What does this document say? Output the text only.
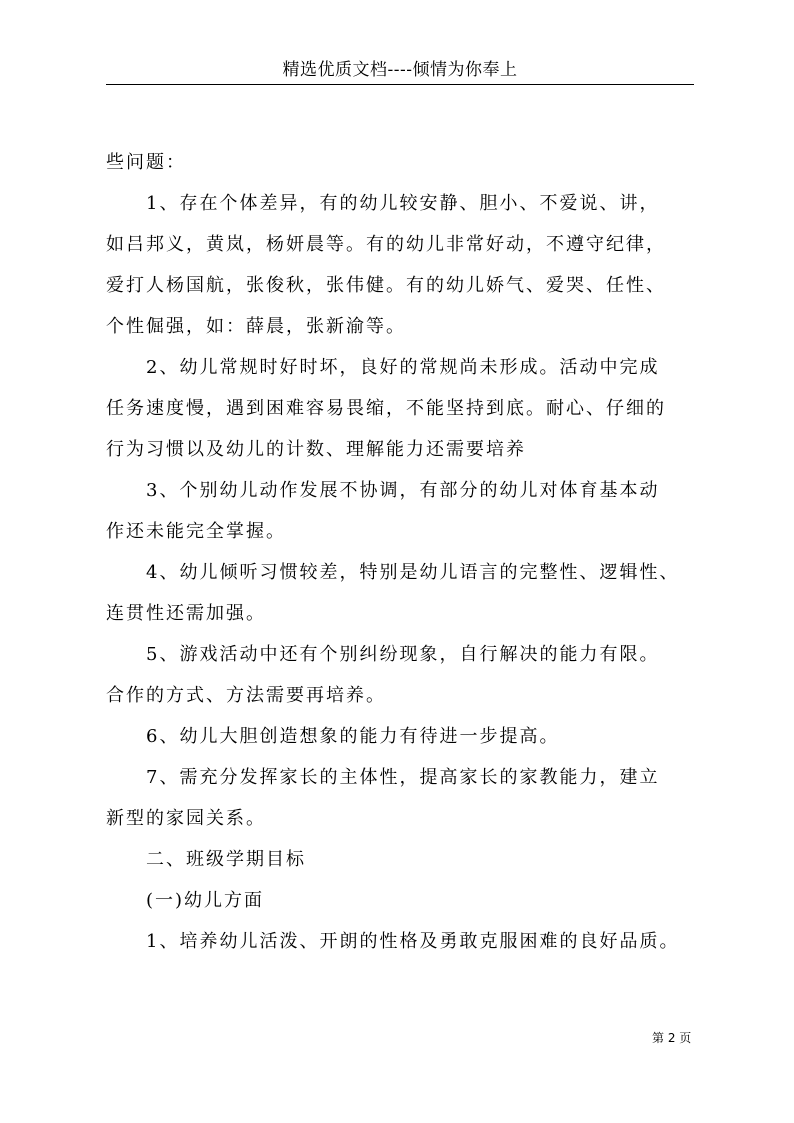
精选优质文档----倾情为你奉上
些问题：
1、存在个体差异，有的幼儿较安静、胆小、不爱说、讲，
如吕邦义，黄岚，杨妍晨等。有的幼儿非常好动，不遵守纪律，
爱打人杨国航，张俊秋，张伟健。有的幼儿娇气、爱哭、任性、
个性倔强，如：薛晨，张新渝等。
2、幼儿常规时好时坏，良好的常规尚未形成。活动中完成
任务速度慢，遇到困难容易畏缩，不能坚持到底。耐心、仔细的
行为习惯以及幼儿的计数、理解能力还需要培养
3、个别幼儿动作发展不协调，有部分的幼儿对体育基本动
作还未能完全掌握。
4、幼儿倾听习惯较差，特别是幼儿语言的完整性、逻辑性、
连贯性还需加强。
5、游戏活动中还有个别纠纷现象，自行解决的能力有限。
合作的方式、方法需要再培养。
6、幼儿大胆创造想象的能力有待进一步提高。
7、需充分发挥家长的主体性，提高家长的家教能力，建立
新型的家园关系。
二、班级学期目标
(一)幼儿方面
1、培养幼儿活泼、开朗的性格及勇敢克服困难的良好品质。
第 2 页
